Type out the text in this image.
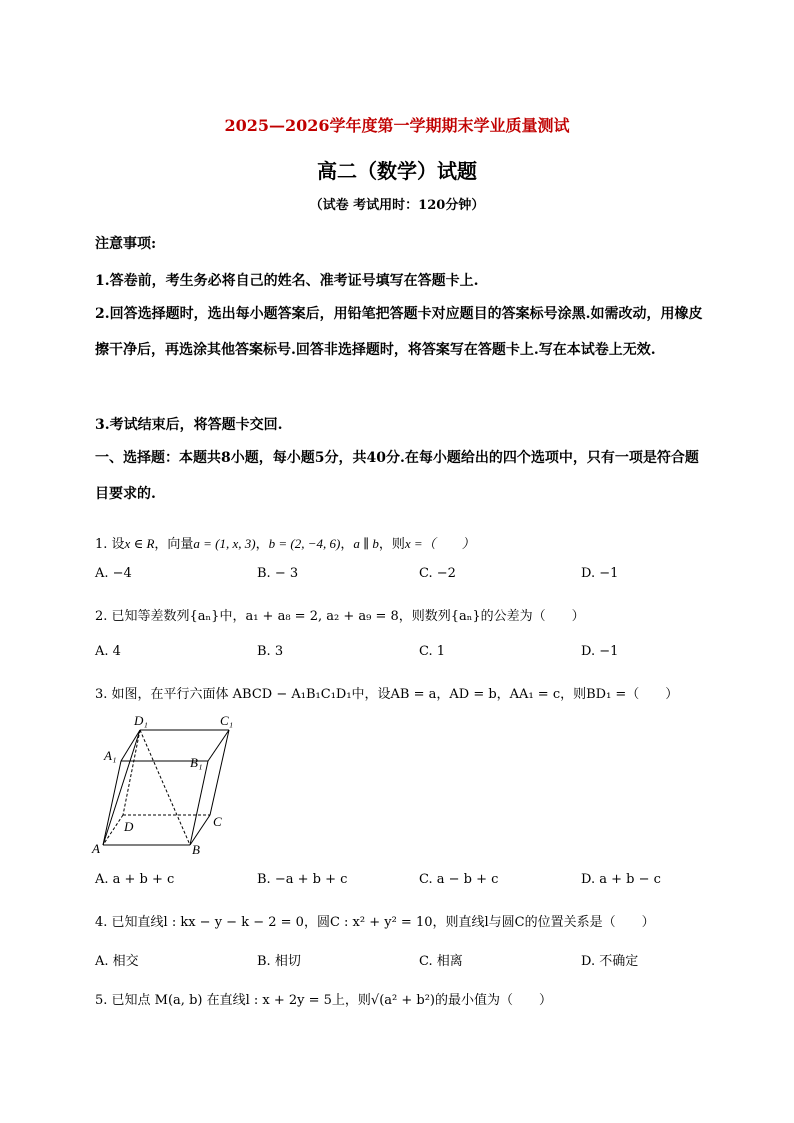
2025—2026学年度第一学期期末学业质量测试
高二（数学）试题
（试卷 考试用时：120分钟）
注意事项:
1.答卷前，考生务必将自己的姓名、准考证号填写在答题卡上.
2.回答选择题时，选出每小题答案后，用铅笔把答题卡对应题目的答案标号涂黑.如需改动，用橡皮擦干净后，再选涂其他答案标号.回答非选择题时，将答案写在答题卡上.写在本试卷上无效.
3.考试结束后，将答题卡交回.
一、选择题：本题共8小题，每小题5分，共40分.在每小题给出的四个选项中，只有一项是符合题目要求的.
1. 设x ∈ R，向量a = (1, x, 3)，b = (2, −4, 6)，a ∥ b，则x =（　　）
A. −4	B. − 3	C. −2	D. −1
2. 已知等差数列{aₙ}中，a₁ + a₈ = 2, a₂ + a₉ = 8，则数列{aₙ}的公差为（　　）
A. 4	B. 3	C. 1	D. −1
3. 如图，在平行六面体 ABCD − A₁B₁C₁D₁中，设AB = a，AD = b，AA₁ = c，则BD₁ =（　　）
D₁	C₁
A₁	B₁
D	C
A	B
A. a + b + c	B. −a + b + c	C. a − b + c	D. a + b − c
4. 已知直线l : kx − y − k − 2 = 0，圆C : x² + y² = 10，则直线l与圆C的位置关系是（　　）
A. 相交	B. 相切	C. 相离	D. 不确定
5. 已知点 M(a, b) 在直线l : x + 2y = 5上，则√(a² + b²)的最小值为（　　）
